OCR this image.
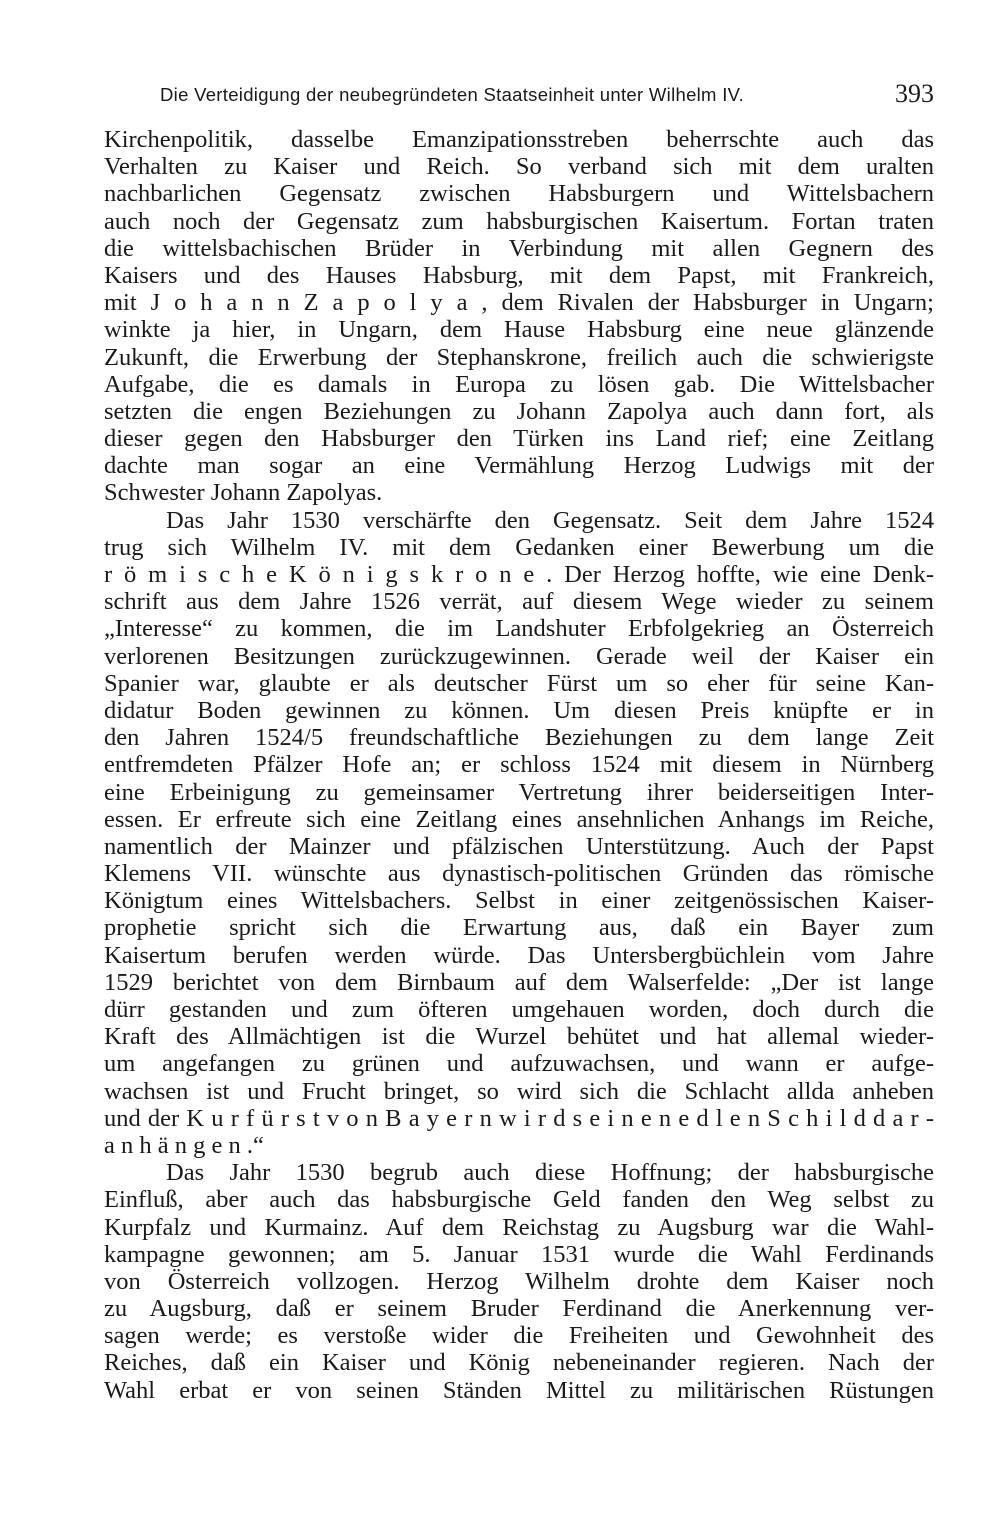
Die Verteidigung der neubegründeten Staatseinheit unter Wilhelm IV.	393
Kirchenpolitik, dasselbe Emanzipationsstreben beherrschte auch das
Verhalten zu Kaiser und Reich. So verband sich mit dem uralten
nachbarlichen Gegensatz zwischen Habsburgern und Wittelsbachern
auch noch der Gegensatz zum habsburgischen Kaisertum. Fortan traten
die wittelsbachischen Brüder in Verbindung mit allen Gegnern des
Kaisers und des Hauses Habsburg, mit dem Papst, mit Frankreich,
mit J o h a n n Z a p o l y a , dem Rivalen der Habsburger in Ungarn;
winkte ja hier, in Ungarn, dem Hause Habsburg eine neue glänzende
Zukunft, die Erwerbung der Stephanskrone, freilich auch die schwierigste
Aufgabe, die es damals in Europa zu lösen gab. Die Wittelsbacher
setzten die engen Beziehungen zu Johann Zapolya auch dann fort, als
dieser gegen den Habsburger den Türken ins Land rief; eine Zeitlang
dachte man sogar an eine Vermählung Herzog Ludwigs mit der
Schwester Johann Zapolyas.
Das Jahr 1530 verschärfte den Gegensatz. Seit dem Jahre 1524
trug sich Wilhelm IV. mit dem Gedanken einer Bewerbung um die
r ö m i s c h e K ö n i g s k r o n e . Der Herzog hoffte, wie eine Denk-
schrift aus dem Jahre 1526 verrät, auf diesem Wege wieder zu seinem
„Interesse“ zu kommen, die im Landshuter Erbfolgekrieg an Österreich
verlorenen Besitzungen zurückzugewinnen. Gerade weil der Kaiser ein
Spanier war, glaubte er als deutscher Fürst um so eher für seine Kan-
didatur Boden gewinnen zu können. Um diesen Preis knüpfte er in
den Jahren 1524/5 freundschaftliche Beziehungen zu dem lange Zeit
entfremdeten Pfälzer Hofe an; er schloss 1524 mit diesem in Nürnberg
eine Erbeinigung zu gemeinsamer Vertretung ihrer beiderseitigen Inter-
essen. Er erfreute sich eine Zeitlang eines ansehnlichen Anhangs im Reiche,
namentlich der Mainzer und pfälzischen Unterstützung. Auch der Papst
Klemens VII. wünschte aus dynastisch-politischen Gründen das römische
Königtum eines Wittelsbachers. Selbst in einer zeitgenössischen Kaiser-
prophetie spricht sich die Erwartung aus, daß ein Bayer zum
Kaisertum berufen werden würde. Das Untersbergbüchlein vom Jahre
1529 berichtet von dem Birnbaum auf dem Walserfelde: „Der ist lange
dürr gestanden und zum öfteren umgehauen worden, doch durch die
Kraft des Allmächtigen ist die Wurzel behütet und hat allemal wieder-
um angefangen zu grünen und aufzuwachsen, und wann er aufge-
wachsen ist und Frucht bringet, so wird sich die Schlacht allda anheben
und der K u r f ü r s t v o n B a y e r n w i r d s e i n e n e d l e n S c h i l d d a r -
a n h ä n g e n .“
Das Jahr 1530 begrub auch diese Hoffnung; der habsburgische
Einfluß, aber auch das habsburgische Geld fanden den Weg selbst zu
Kurpfalz und Kurmainz. Auf dem Reichstag zu Augsburg war die Wahl-
kampagne gewonnen; am 5. Januar 1531 wurde die Wahl Ferdinands
von Österreich vollzogen. Herzog Wilhelm drohte dem Kaiser noch
zu Augsburg, daß er seinem Bruder Ferdinand die Anerkennung ver-
sagen werde; es verstoße wider die Freiheiten und Gewohnheit des
Reiches, daß ein Kaiser und König nebeneinander regieren. Nach der
Wahl erbat er von seinen Ständen Mittel zu militärischen Rüstungen
